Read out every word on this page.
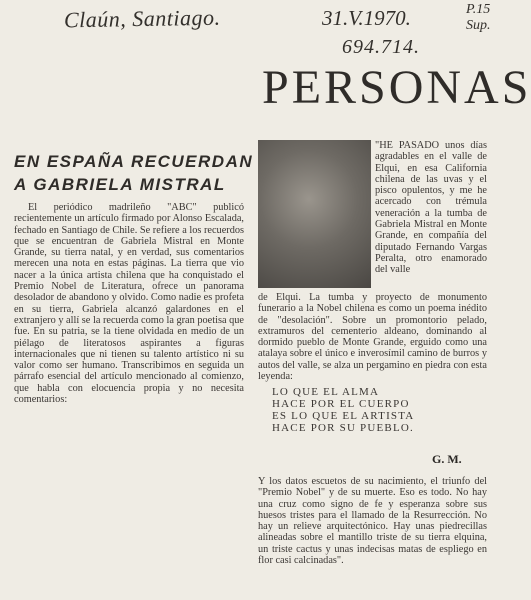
Claún, Santiago.	31.V.1970.	P.15
Sup.
694.714.
PERSONAS
EN ESPAÑA RECUERDAN
A GABRIELA MISTRAL

El periódico madrileño "ABC" publicó recientemente un artículo firmado por Alonso Escalada, fechado en Santiago de Chile. Se refiere a los recuerdos que se encuentran de Gabriela Mistral en Monte Grande, su tierra natal, y en verdad, sus comentarios merecen una nota en estas páginas. La tierra que vio nacer a la única artista chilena que ha conquistado el Premio Nobel de Literatura, ofrece un panorama desolador de abandono y olvido. Como nadie es profeta en su tierra, Gabriela alcanzó galardones en el extranjero y allí se la recuerda como la gran poetisa que fue. En su patria, se la tiene olvidada en medio de un piélago de literatosos aspirantes a figuras internacionales que ni tienen su talento artístico ni su valor como ser humano. Transcribimos en seguida un párrafo esencial del artículo mencionado al comienzo, que habla con elocuencia propia y no necesita comentarios:

"HE PASADO unos días agradables en el valle de Elqui, en esa California chilena de las uvas y el pisco opulentos, y me he acercado con trémula veneración a la tumba de Gabriela Mistral en Monte Grande, en compañía del diputado Fernando Vargas Peralta, otro enamorado del valle

de Elqui. La tumba y proyecto de monumento funerario a la Nobel chilena es como un poema inédito de "desolación". Sobre un promontorio pelado, extramuros del cementerio aldeano, dominando al dormido pueblo de Monte Grande, erguido como una atalaya sobre el único e inverosímil camino de burros y autos del valle, se alza un pergamino en piedra con esta leyenda:

LO QUE EL ALMA
HACE POR EL CUERPO
ES LO QUE EL ARTISTA
HACE POR SU PUEBLO.
G. M.

Y los datos escuetos de su nacimiento, el triunfo del "Premio Nobel" y de su muerte. Eso es todo. No hay una cruz como signo de fe y esperanza sobre sus huesos tristes para el llamado de la Resurrección. No hay un relieve arquitectónico. Hay unas piedrecillas alineadas sobre el mantillo triste de su tierra elquina, un triste cactus y unas indecisas matas de espliego en flor casi calcinadas".
